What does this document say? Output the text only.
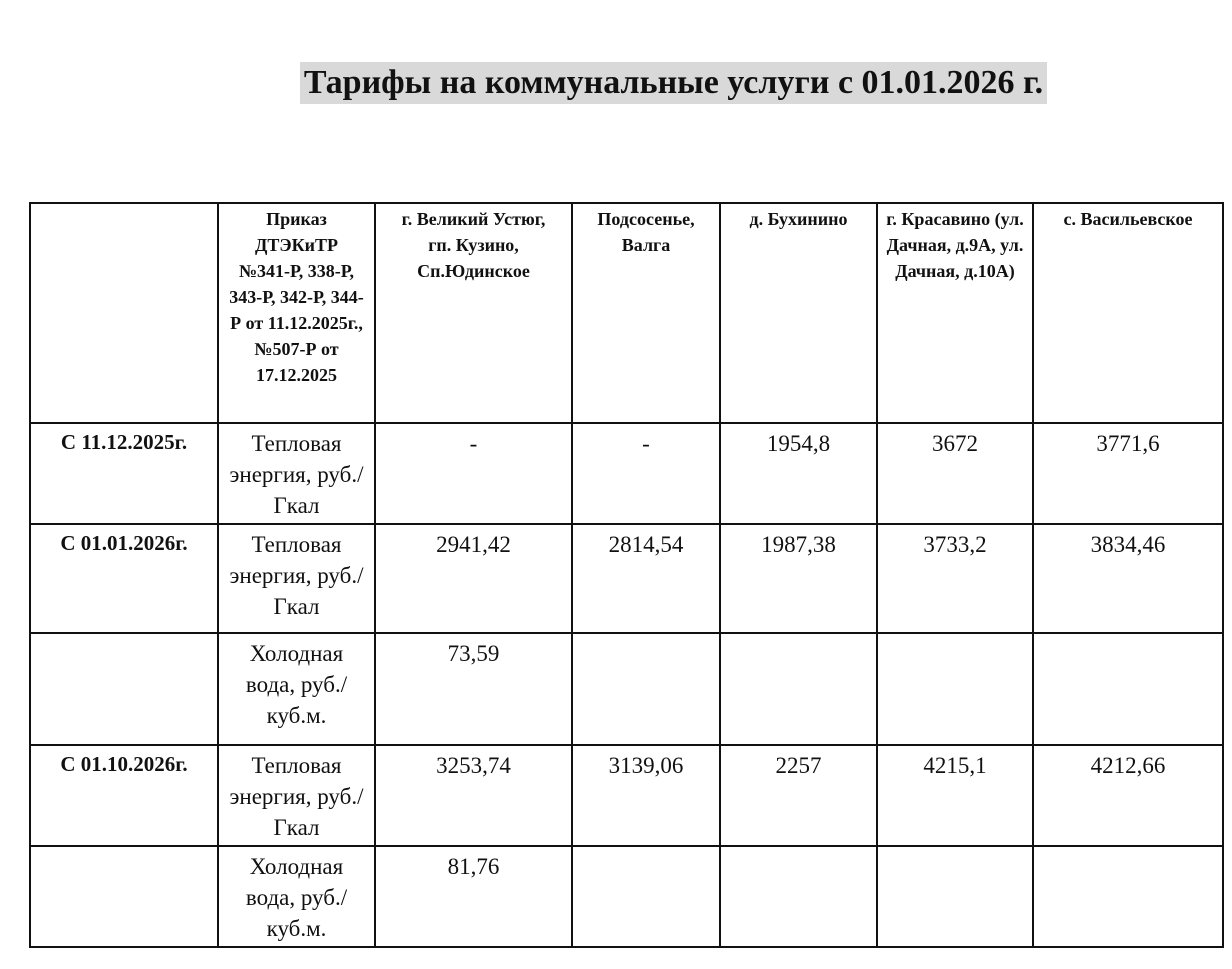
Тарифы на коммунальные услуги с 01.01.2026 г.
	Приказ ДТЭКиТР №341-Р, 338-Р, 343-Р, 342-Р, 344-Р от 11.12.2025г., №507-Р от 17.12.2025	г. Великий Устюг, гп. Кузино, Сп.Юдинское	Подсосенье, Валга	д. Бухинино	г. Красавино (ул. Дачная, д.9А, ул. Дачная, д.10А)	с. Васильевское
С 11.12.2025г.	Тепловая энергия, руб./Гкал	-	-	1954,8	3672	3771,6
С 01.01.2026г.	Тепловая энергия, руб./Гкал	2941,42	2814,54	1987,38	3733,2	3834,46
	Холодная вода, руб./куб.м.	73,59				
С 01.10.2026г.	Тепловая энергия, руб./Гкал	3253,74	3139,06	2257	4215,1	4212,66
	Холодная вода, руб./куб.м.	81,76				
